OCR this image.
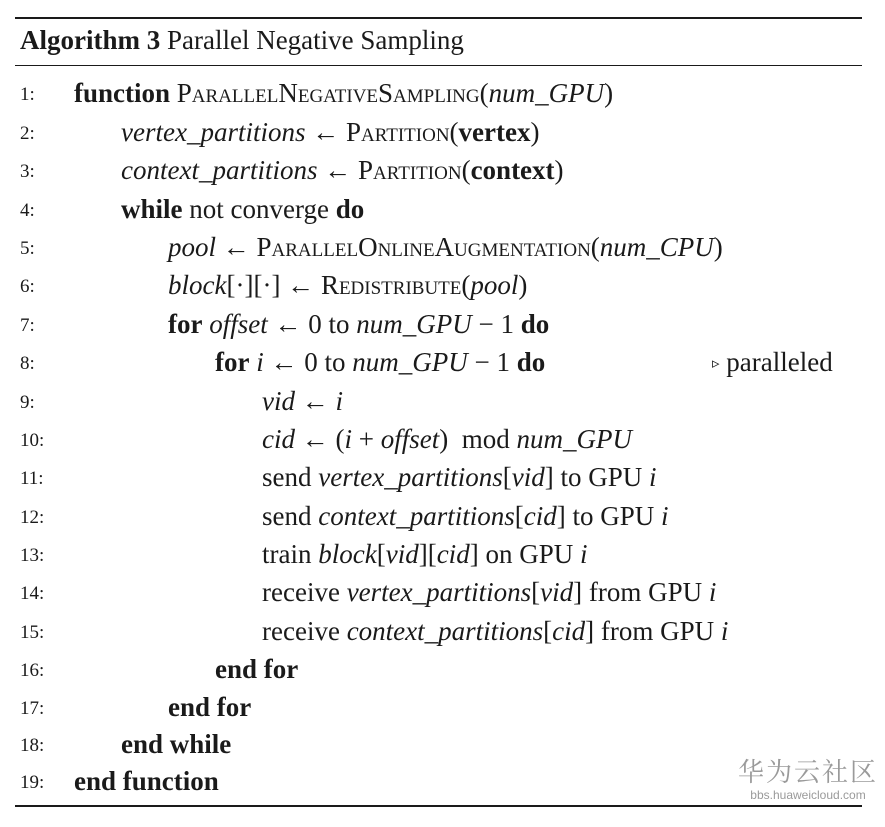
Algorithm 3 Parallel Negative Sampling
1:	function ParallelNegativeSampling(num_GPU)
2:	vertex_partitions ← Partition(vertex)
3:	context_partitions ← Partition(context)
4:	while not converge do
5:	pool ← ParallelOnlineAugmentation(num_CPU)
6:	block[·][·] ← Redistribute(pool)
7:	for offset ← 0 to num_GPU − 1 do
8:	for i ← 0 to num_GPU − 1 do	▹ paralleled
9:	vid ← i
10:	cid ← (i + offset)  mod num_GPU
11:	send vertex_partitions[vid] to GPU i
12:	send context_partitions[cid] to GPU i
13:	train block[vid][cid] on GPU i
14:	receive vertex_partitions[vid] from GPU i
15:	receive context_partitions[cid] from GPU i
16:	end for
17:	end for
18:	end while
19:	end function	华为云社区
bbs.huaweicloud.com
